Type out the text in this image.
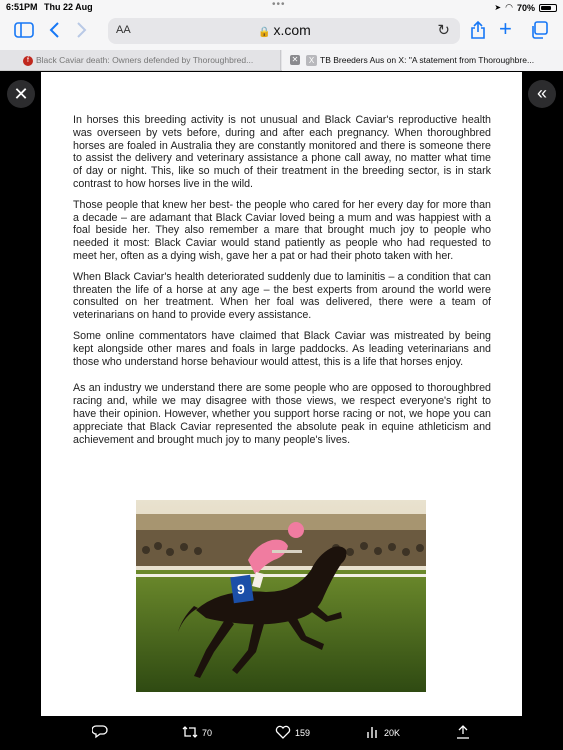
6:51PM Thu 22 Aug	•••	➤ ◠ 70%
AA	🔒 x.com	↻ +
f Black Caviar death: Owners defended by Thoroughbred...	TB Breeders Aus on X: "A statement from Thoroughbre...
✕	X
✕	«

In horses this breeding activity is not unusual and Black Caviar's reproductive health was overseen by vets before, during and after each pregnancy. When thoroughbred horses are foaled in Australia they are constantly monitored and there is someone there to assist the delivery and veterinary assistance a phone call away, no matter what time of day or night. This, like so much of their treatment in the breeding sector, is in stark contrast to how horses live in the wild.

Those people that knew her best- the people who cared for her every day for more than a decade – are adamant that Black Caviar loved being a mum and was happiest with a foal beside her. They also remember a mare that brought much joy to people who needed it most: Black Caviar would stand patiently as people who had requested to meet her, often as a dying wish, gave her a pat or had their photo taken with her.

When Black Caviar's health deteriorated suddenly due to laminitis – a condition that can threaten the life of a horse at any age – the best experts from around the world were consulted on her treatment. When her foal was delivered, there were a team of veterinarians on hand to provide every assistance.

Some online commentators have claimed that Black Caviar was mistreated by being kept alongside other mares and foals in large paddocks. As leading veterinarians and those who understand horse behaviour would attest, this is a life that horses enjoy.

As an industry we understand there are some people who are opposed to thoroughbred racing and, while we may disagree with those views, we respect everyone's right to have their opinion. However, whether you support horse racing or not, we hope you can appreciate that Black Caviar represented the absolute peak in equine athleticism and achievement and brought much joy to many people's lives.

9
70	159	20K
